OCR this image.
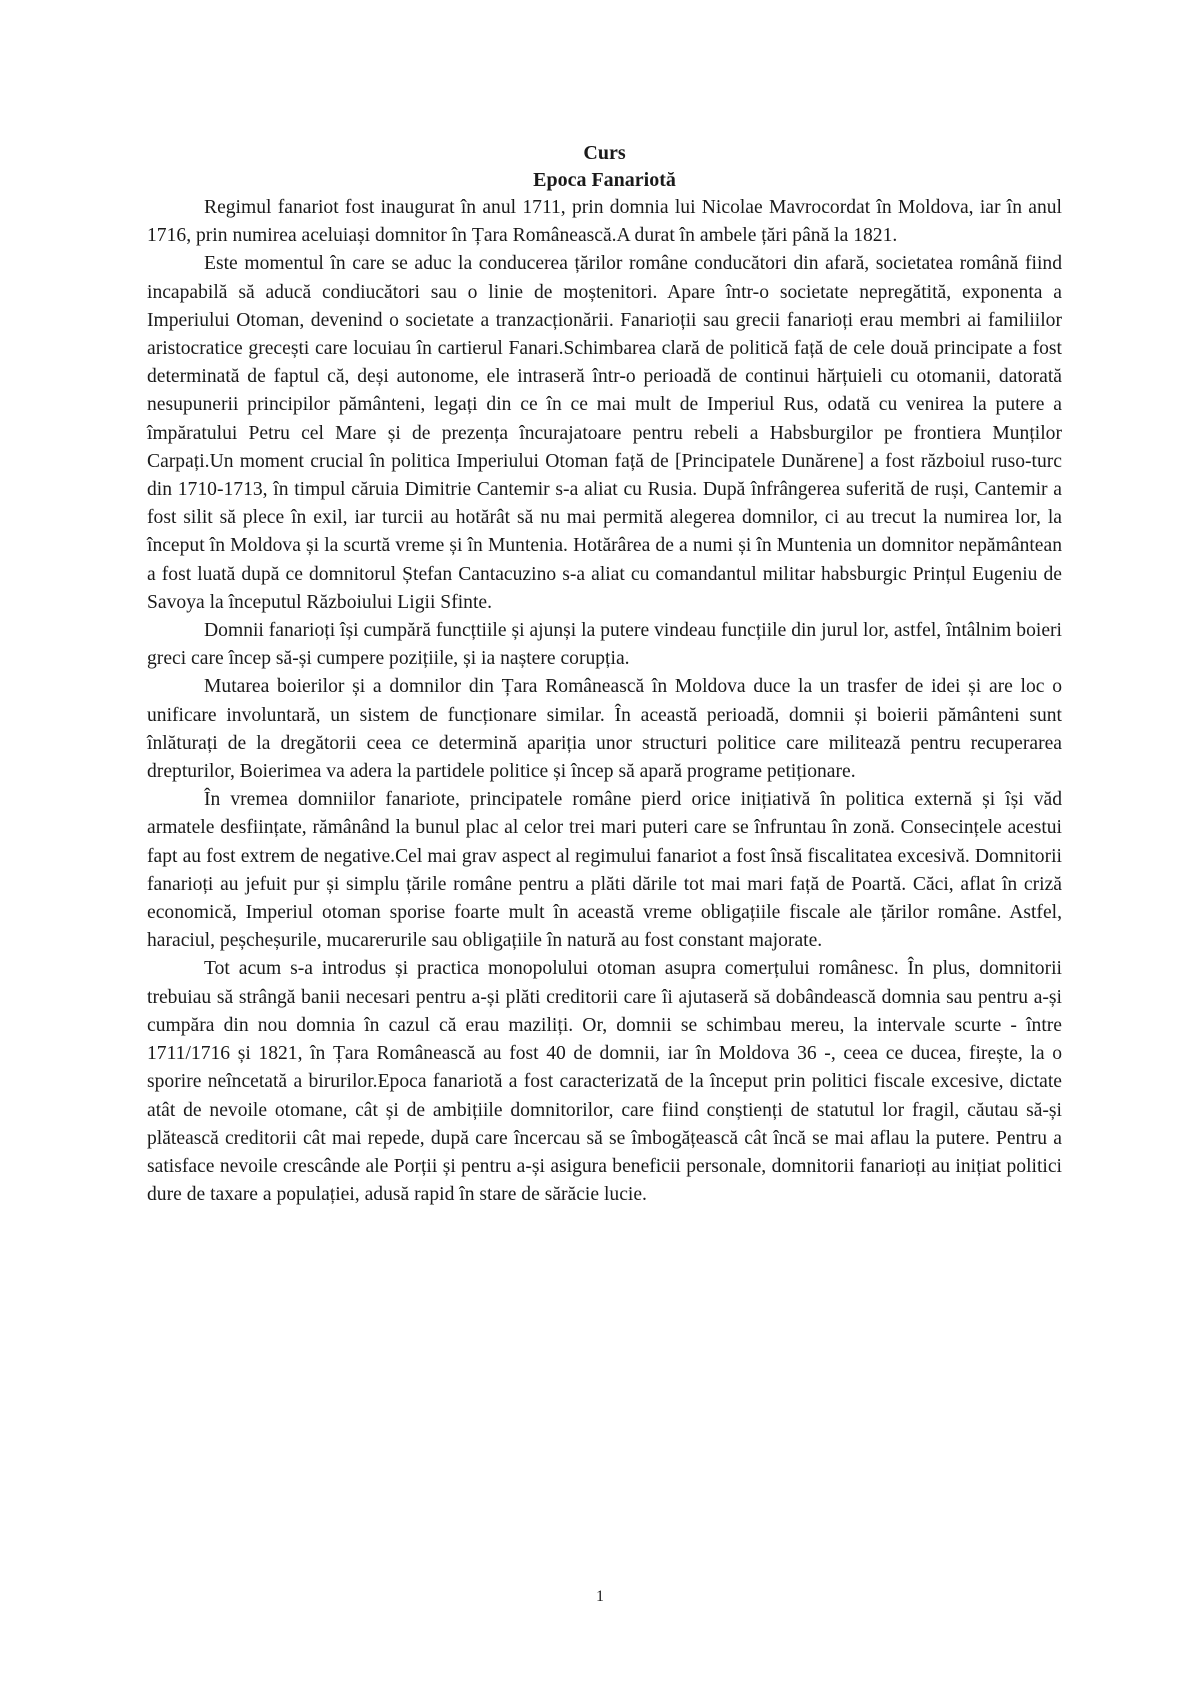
Curs
Epoca Fanariotă

Regimul fanariot fost inaugurat în anul 1711, prin domnia lui Nicolae Mavrocordat în Moldova, iar în anul 1716, prin numirea aceluiași domnitor în Țara Românească.A durat în ambele țări până la 1821.

Este momentul în care se aduc la conducerea țărilor române conducători din afară, societatea română fiind incapabilă să aducă condiucători sau o linie de moștenitori. Apare într-o societate nepregătită, exponenta a Imperiului Otoman, devenind o societate a tranzacționării. Fanarioții sau grecii fanarioți erau membri ai familiilor aristocratice grecești care locuiau în cartierul Fanari.Schimbarea clară de politică față de cele două principate a fost determinată de faptul că, deși autonome, ele intraseră într-o perioadă de continui hărțuieli cu otomanii, datorată nesupunerii principilor pământeni, legați din ce în ce mai mult de Imperiul Rus, odată cu venirea la putere a împăratului Petru cel Mare și de prezența încurajatoare pentru rebeli a Habsburgilor pe frontiera Munților Carpați.Un moment crucial în politica Imperiului Otoman față de [Principatele Dunărene] a fost războiul ruso-turc din 1710-1713, în timpul căruia Dimitrie Cantemir s-a aliat cu Rusia. După înfrângerea suferită de ruși, Cantemir a fost silit să plece în exil, iar turcii au hotărât să nu mai permită alegerea domnilor, ci au trecut la numirea lor, la început în Moldova și la scurtă vreme și în Muntenia. Hotărârea de a numi și în Muntenia un domnitor nepământean a fost luată după ce domnitorul Ștefan Cantacuzino s-a aliat cu comandantul militar habsburgic Prințul Eugeniu de Savoya la începutul Războiului Ligii Sfinte.

Domnii fanarioți își cumpără funcțtiile și ajunși la putere vindeau funcțiile din jurul lor, astfel, întâlnim boieri greci care încep să-și cumpere pozițiile, și ia naștere corupția.

Mutarea boierilor și a domnilor din Țara Românească în Moldova duce la un trasfer de idei și are loc o unificare involuntară, un sistem de funcționare similar. În această perioadă, domnii și boierii pământeni sunt înlăturați de la dregătorii ceea ce determină apariția unor structuri politice care militează pentru recuperarea drepturilor, Boierimea va adera la partidele politice și încep să apară programe petiționare.

În vremea domniilor fanariote, principatele române pierd orice inițiativă în politica externă și își văd armatele desființate, rămânând la bunul plac al celor trei mari puteri care se înfruntau în zonă. Consecințele acestui fapt au fost extrem de negative.Cel mai grav aspect al regimului fanariot a fost însă fiscalitatea excesivă. Domnitorii fanarioți au jefuit pur și simplu țările române pentru a plăti dările tot mai mari față de Poartă. Căci, aflat în criză economică, Imperiul otoman sporise foarte mult în această vreme obligațiile fiscale ale țărilor române. Astfel, haraciul, peșcheșurile, mucarerurile sau obligațiile în natură au fost constant majorate.

Tot acum s-a introdus și practica monopolului otoman asupra comerțului românesc. În plus, domnitorii trebuiau să strângă banii necesari pentru a-și plăti creditorii care îi ajutaseră să dobândească domnia sau pentru a-și cumpăra din nou domnia în cazul că erau maziliți. Or, domnii se schimbau mereu, la intervale scurte - între 1711/1716 și 1821, în Țara Românească au fost 40 de domnii, iar în Moldova 36 -, ceea ce ducea, firește, la o sporire neîncetată a birurilor.Epoca fanariotă a fost caracterizată de la început prin politici fiscale excesive, dictate atât de nevoile otomane, cât și de ambițiile domnitorilor, care fiind conștienți de statutul lor fragil, căutau să-și plătească creditorii cât mai repede, după care încercau să se îmbogățească cât încă se mai aflau la putere. Pentru a satisface nevoile crescânde ale Porții și pentru a-și asigura beneficii personale, domnitorii fanarioți au inițiat politici dure de taxare a populației, adusă rapid în stare de sărăcie lucie.

1
